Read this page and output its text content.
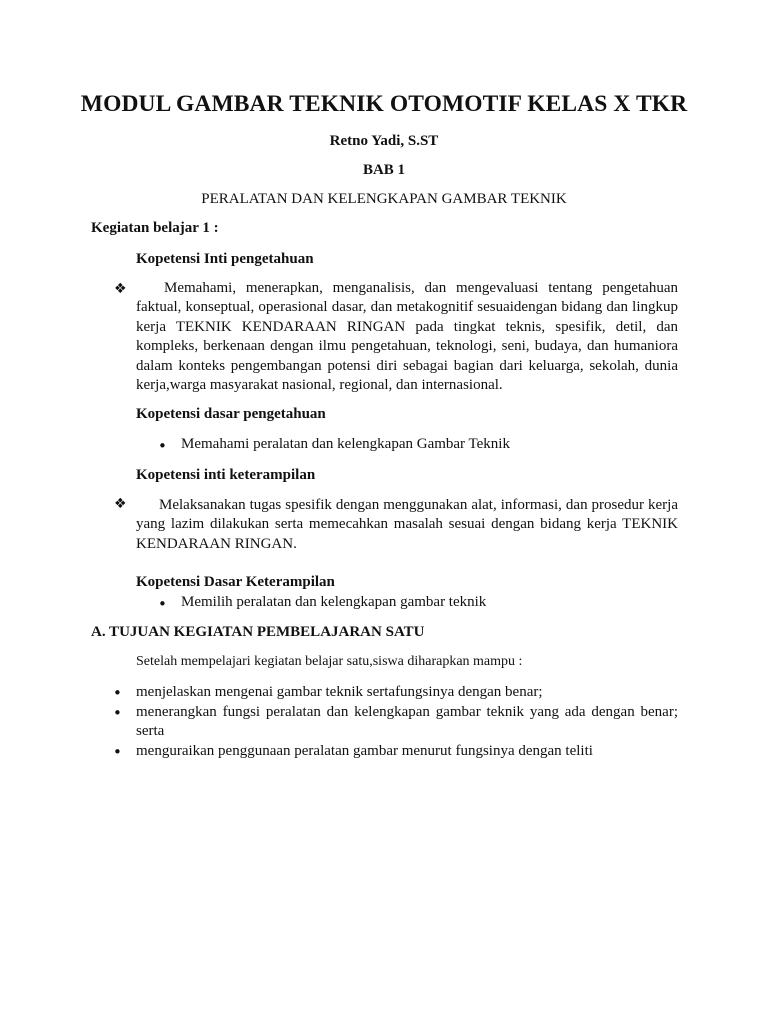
MODUL GAMBAR TEKNIK OTOMOTIF KELAS X TKR
Retno Yadi, S.ST
BAB 1
PERALATAN DAN KELENGKAPAN GAMBAR TEKNIK
Kegiatan belajar 1 :
Kopetensi Inti pengetahuan
❖	Memahami, menerapkan, menganalisis, dan mengevaluasi tentang pengetahuan faktual, konseptual, operasional dasar, dan metakognitif sesuaidengan bidang dan lingkup kerja TEKNIK KENDARAAN RINGAN pada tingkat teknis, spesifik, detil, dan kompleks, berkenaan dengan ilmu pengetahuan, teknologi, seni, budaya, dan humaniora dalam konteks pengembangan potensi diri sebagai bagian dari keluarga, sekolah, dunia kerja,warga masyarakat nasional, regional, dan internasional.
Kopetensi dasar pengetahuan
• Memahami peralatan dan kelengkapan Gambar Teknik
Kopetensi inti keterampilan
❖	Melaksanakan tugas spesifik dengan menggunakan alat, informasi, dan prosedur kerja yang lazim dilakukan serta memecahkan masalah sesuai dengan bidang kerja TEKNIK KENDARAAN RINGAN.
Kopetensi Dasar Keterampilan
• Memilih peralatan dan kelengkapan gambar teknik
A. TUJUAN KEGIATAN PEMBELAJARAN SATU
Setelah mempelajari kegiatan belajar satu,siswa diharapkan mampu :
• menjelaskan mengenai gambar teknik sertafungsinya dengan benar;
• menerangkan fungsi peralatan dan kelengkapan gambar teknik yang ada dengan benar; serta
• menguraikan penggunaan peralatan gambar menurut fungsinya dengan teliti
